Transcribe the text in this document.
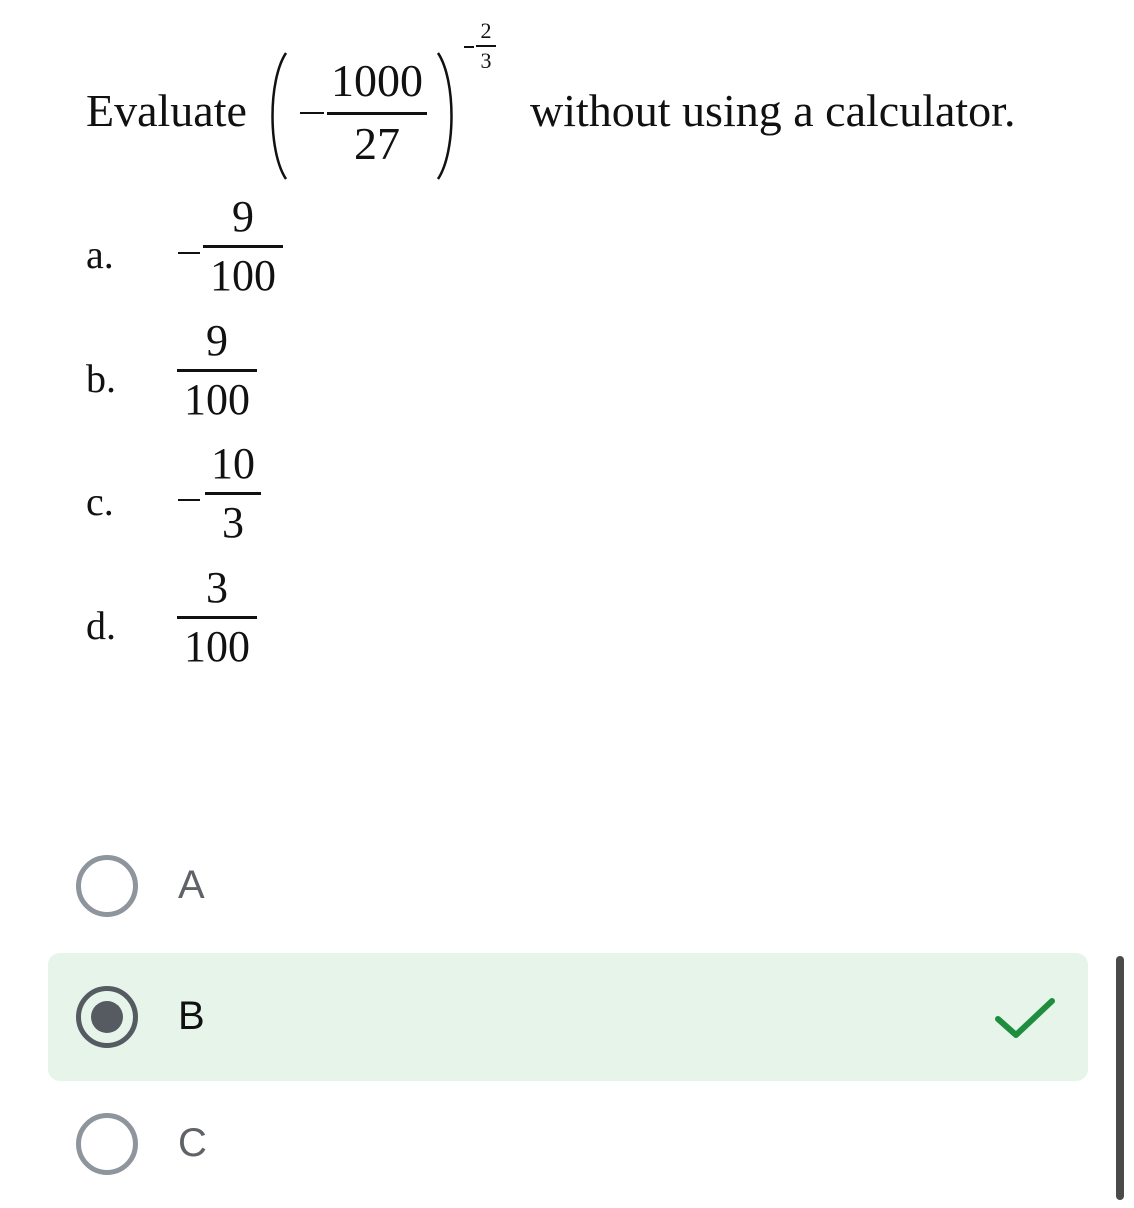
Evaluate
1000
27
2
3
without using a calculator.
a.
9
100
b.
9
100
c.
10
3
d.
3
100
A
B
C
